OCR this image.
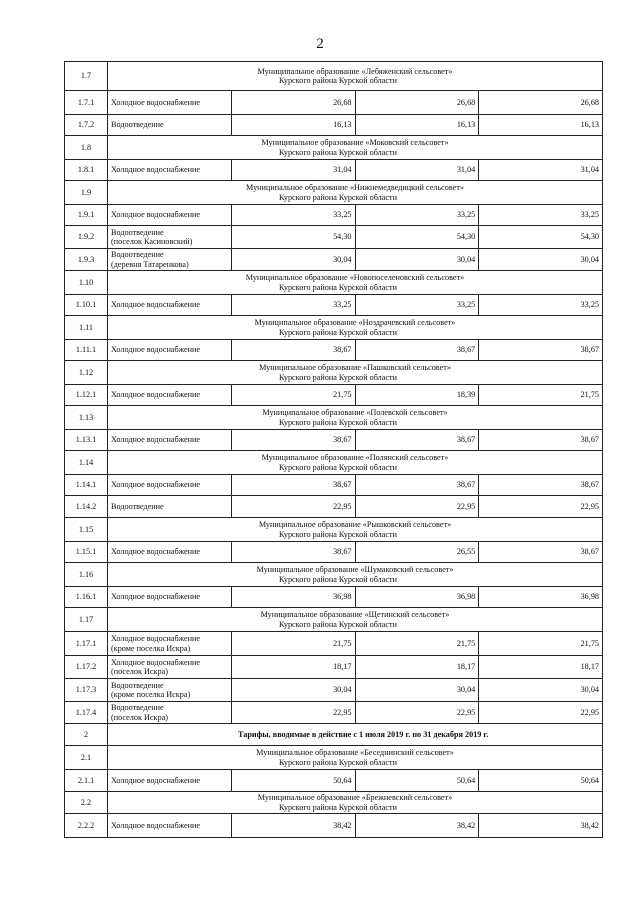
2
1.7	Муниципальное образование «Лебяженский сельсовет»
Курского района Курской области			

1.7.1	Холодное водоснабжение	26,68	26,68	26,68
1.7.2	Водоотведение	16,13	16,13	16,13
1.8	Муниципальное образование «Моковский сельсовет»
Курского района Курской области			

1.8.1	Холодное водоснабжение	31,04	31,04	31,04
1.9	Муниципальное образование «Нижнемедведицкий сельсовет»
Курского района Курской области			

1.9.1	Холодное водоснабжение	33,25	33,25	33,25
1.9.2	Водоотведение
(поселок Касиновский)	54,30	54,30	54,30
1.9.3	Водоотведение
(деревня Татаренкова)	30,04	30,04	30,04
1.10	Муниципальное образование «Новопоселеновский сельсовет»
Курского района Курской области			

1.10.1	Холодное водоснабжение	33,25	33,25	33,25
1.11	Муниципальное образование «Ноздрачевский сельсовет»
Курского района Курской области			

1.11.1	Холодное водоснабжение	38,67	38,67	38,67
1.12	Муниципальное образование «Пашковский сельсовет»
Курского района Курской области			

1.12.1	Холодное водоснабжение	21,75	18,39	21,75
1.13	Муниципальное образование «Полевской сельсовет»
Курского района Курской области			

1.13.1	Холодное водоснабжение	38,67	38,67	38,67
1.14	Муниципальное образование «Полянский сельсовет»
Курского района Курской области			

1.14.1	Холодное водоснабжение	38,67	38,67	38,67
1.14.2	Водоотведение	22,95	22,95	22,95
1.15	Муниципальное образование «Рышковский сельсовет»
Курского района Курской области			

1.15.1	Холодное водоснабжение	38,67	26,55	38,67
1.16	Муниципальное образование «Шумаковский сельсовет»
Курского района Курской области			

1.16.1	Холодное водоснабжение	36,98	36,98	36,98
1.17	Муниципальное образование «Щетинский сельсовет»
Курского района Курской области			

1.17.1	Холодное водоснабжение
(кроме поселка Искра)	21,75	21,75	21,75
1.17.2	Холодное водоснабжение
(поселок Искра)	18,17	18,17	18,17
1.17.3	Водоотведение
(кроме поселка Искра)	30,04	30,04	30,04
1.17.4	Водоотведение
(поселок Искра)	22,95	22,95	22,95
2	Тарифы, вводимые в действие с 1 июля 2019 г. по 31 декабря 2019 г.			
2.1	Муниципальное образование «Беседнинский сельсовет»
Курского района Курской области			

2.1.1	Холодное водоснабжение	50,64	50,64	50,64
2.2	Муниципальное образование «Брежневский сельсовет»
Курского района Курской области			

2.2.2	Холодное водоснабжение	38,42	38,42	38,42
